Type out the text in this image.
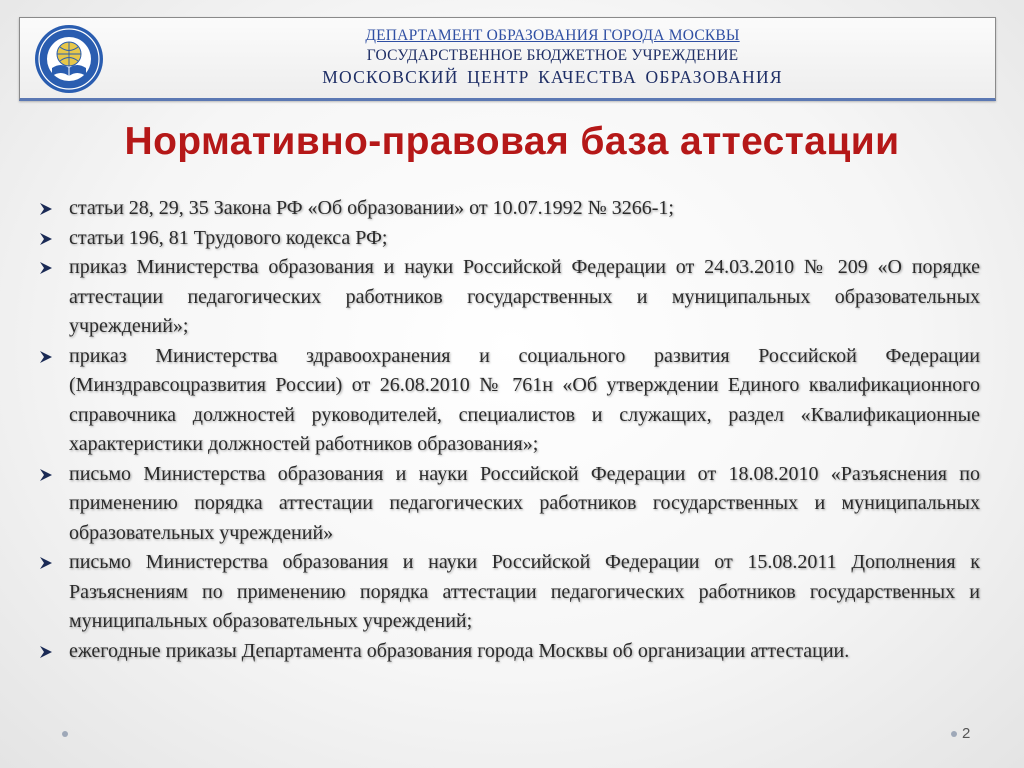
ДЕПАРТАМЕНТ ОБРАЗОВАНИЯ ГОРОДА МОСКВЫ
ГОСУДАРСТВЕННОЕ БЮДЖЕТНОЕ УЧРЕЖДЕНИЕ
МОСКОВСКИЙ ЦЕНТР КАЧЕСТВА ОБРАЗОВАНИЯ
Нормативно-правовая база аттестации
статьи 28, 29, 35 Закона РФ «Об образовании» от 10.07.1992 № 3266-1;
статьи 196, 81 Трудового кодекса РФ;
приказ Министерства образования и науки Российской Федерации от 24.03.2010 № 209 «О порядке аттестации педагогических работников государственных и муниципальных образовательных учреждений»;
приказ Министерства здравоохранения и социального развития Российской Федерации (Минздравсоцразвития России) от 26.08.2010 № 761н «Об утверждении Единого квалификационного справочника должностей руководителей, специалистов и служащих, раздел «Квалификационные характеристики должностей работников образования»;
письмо Министерства образования и науки Российской Федерации от 18.08.2010 «Разъяснения по применению порядка аттестации педагогических работников государственных и муниципальных образовательных учреждений»
письмо Министерства образования и науки Российской Федерации от 15.08.2011 Дополнения к Разъяснениям по применению порядка аттестации педагогических работников государственных и муниципальных образовательных учреждений;
ежегодные приказы Департамента образования города Москвы об организации аттестации.
2
